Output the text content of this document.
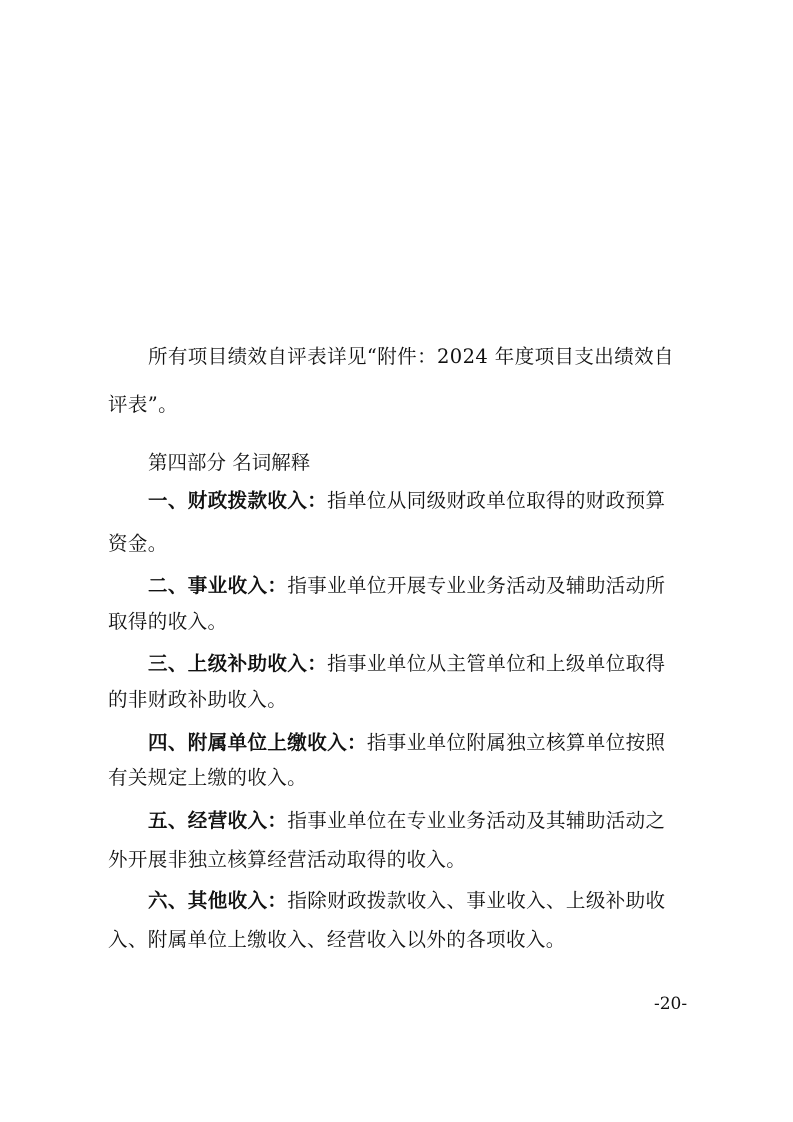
所有项目绩效自评表详见“附件：2024 年度项目支出绩效自
评表”。
第四部分 名词解释
一、财政拨款收入：指单位从同级财政单位取得的财政预算
资金。
二、事业收入：指事业单位开展专业业务活动及辅助活动所
取得的收入。
三、上级补助收入：指事业单位从主管单位和上级单位取得
的非财政补助收入。
四、附属单位上缴收入：指事业单位附属独立核算单位按照
有关规定上缴的收入。
五、经营收入：指事业单位在专业业务活动及其辅助活动之
外开展非独立核算经营活动取得的收入。
六、其他收入：指除财政拨款收入、事业收入、上级补助收
入、附属单位上缴收入、经营收入以外的各项收入。
-20-
